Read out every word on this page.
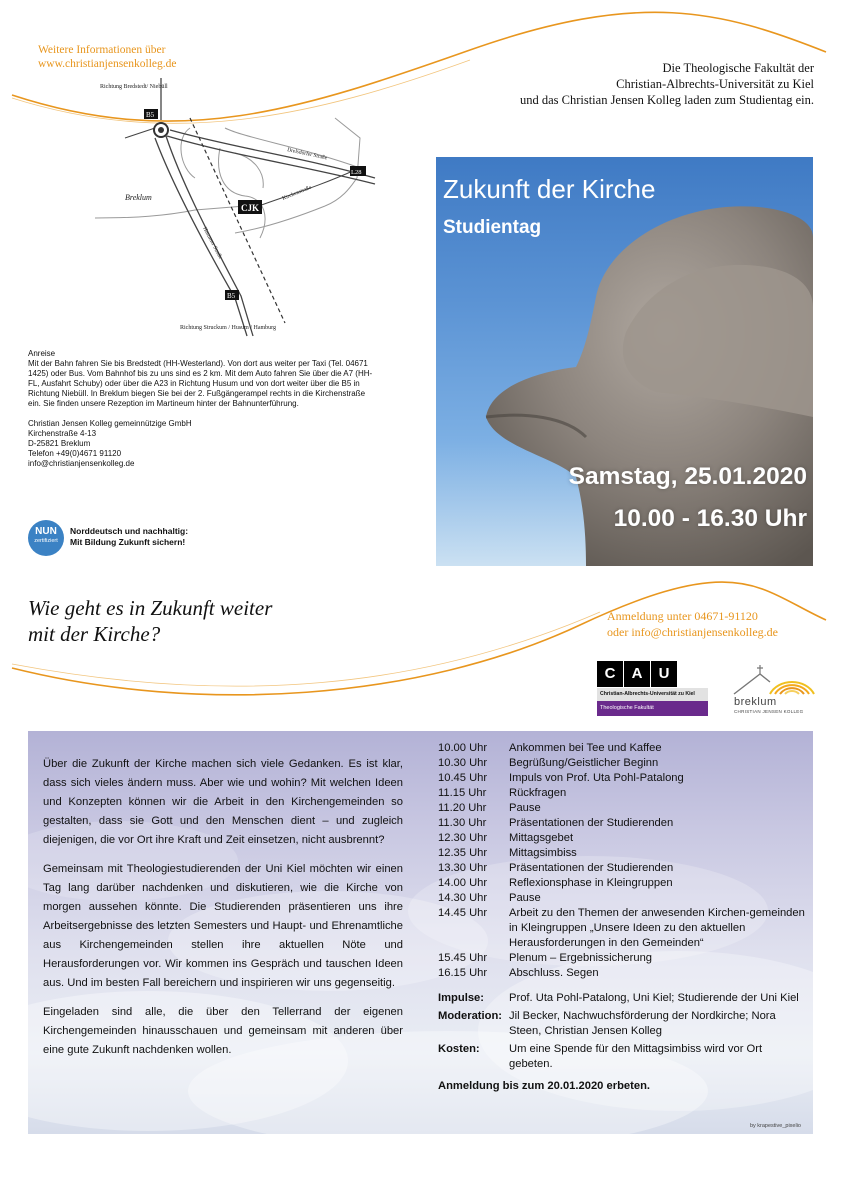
Weitere Informationen über
www.christianjensenkolleg.de	Die Theologische Fakultät der
Christian-Albrechts-Universität zu Kiel
und das Christian Jensen Kolleg laden zum Studientag ein.
Richtung Bredstedt/ Niebüll
Richtung Struckum / Husum / Hamburg
Breklum
B5
B5
L28
CJK
Drelsdorfer Straße
Kirchenstraße
Husumer Straße
Anreise
Mit der Bahn fahren Sie bis Bredstedt (HH-Westerland). Von dort aus weiter per Taxi (Tel. 04671 1425) oder Bus. Vom Bahnhof bis zu uns sind es 2 km. Mit dem Auto fahren Sie über die A7 (HH-FL, Ausfahrt Schuby) oder über die A23 in Richtung Husum und von dort weiter über die B5 in Richtung Niebüll. In Breklum biegen Sie bei der 2. Fußgängerampel rechts in die Kirchenstraße ein. Sie finden unsere Rezeption im Martineum hinter der Bahnunterführung.
Christian Jensen Kolleg gemeinnützige GmbH
Kirchenstraße 4-13
D-25821 Breklum
Telefon +49(0)4671 91120
info@christianjensenkolleg.de
NUN
zertifiziert
Norddeutsch und nachhaltig:
Mit Bildung Zukunft sichern!
Zukunft der Kirche
Studientag
Samstag, 25.01.2020
10.00 - 16.30 Uhr
Wie geht es in Zukunft weiter
mit der Kirche?
Anmeldung unter 04671-91120
oder info@christianjensenkolleg.de
C	A	U
Christian-Albrechts-Universität zu Kiel
Theologische Fakultät	breklum
CHRISTIAN JENSEN KOLLEG

Über die Zukunft der Kirche machen sich viele Gedanken. Es ist klar, dass sich vieles ändern muss. Aber wie und wohin? Mit welchen Ideen und Konzepten können wir die Arbeit in den Kirchengemeinden so gestalten, dass sie Gott und den Menschen dient – und zugleich diejenigen, die vor Ort ihre Kraft und Zeit einsetzen, nicht ausbrennt?

Gemeinsam mit Theologiestudierenden der Uni Kiel möchten wir einen Tag lang darüber nachdenken und diskutieren, wie die Kirche von morgen aussehen könnte. Die Studierenden präsentieren uns ihre Arbeitsergebnisse des letzten Semesters und Haupt- und Ehrenamtliche aus Kirchengemeinden stellen ihre aktuellen Nöte und Herausforderungen vor. Wir kommen ins Gespräch und tauschen Ideen aus. Und im besten Fall bereichern und inspirieren wir uns gegenseitig.

Eingeladen sind alle, die über den Tellerrand der eigenen Kirchengemeinden hinausschauen und gemeinsam mit anderen über eine gute Zukunft nachdenken wollen.

10.00 Uhr	Ankommen bei Tee und Kaffee
10.30 Uhr	Begrüßung/Geistlicher Beginn
10.45 Uhr	Impuls von Prof. Uta Pohl-Patalong
11.15 Uhr	Rückfragen
11.20 Uhr	Pause
11.30 Uhr	Präsentationen der Studierenden
12.30 Uhr	Mittagsgebet
12.35 Uhr	Mittagsimbiss
13.30 Uhr	Präsentationen der Studierenden
14.00 Uhr	Reflexionsphase in Kleingruppen
14.30 Uhr	Pause
14.45 Uhr	Arbeit zu den Themen der anwesenden Kirchen-gemeinden in Kleingruppen „Unsere Ideen zu den aktuellen Herausforderungen in den Gemeinden“
15.45 Uhr	Plenum – Ergebnissicherung
16.15 Uhr	Abschluss. Segen
Impulse:	Prof. Uta Pohl-Patalong, Uni Kiel; Studierende der Uni Kiel
Moderation: Jil Becker, Nachwuchsförderung der Nordkirche; Nora Steen, Christian Jensen Kolleg
Kosten:	Um eine Spende für den Mittagsimbiss wird vor Ort gebeten.
Anmeldung bis zum 20.01.2020 erbeten.
by krapestive_pixelio
